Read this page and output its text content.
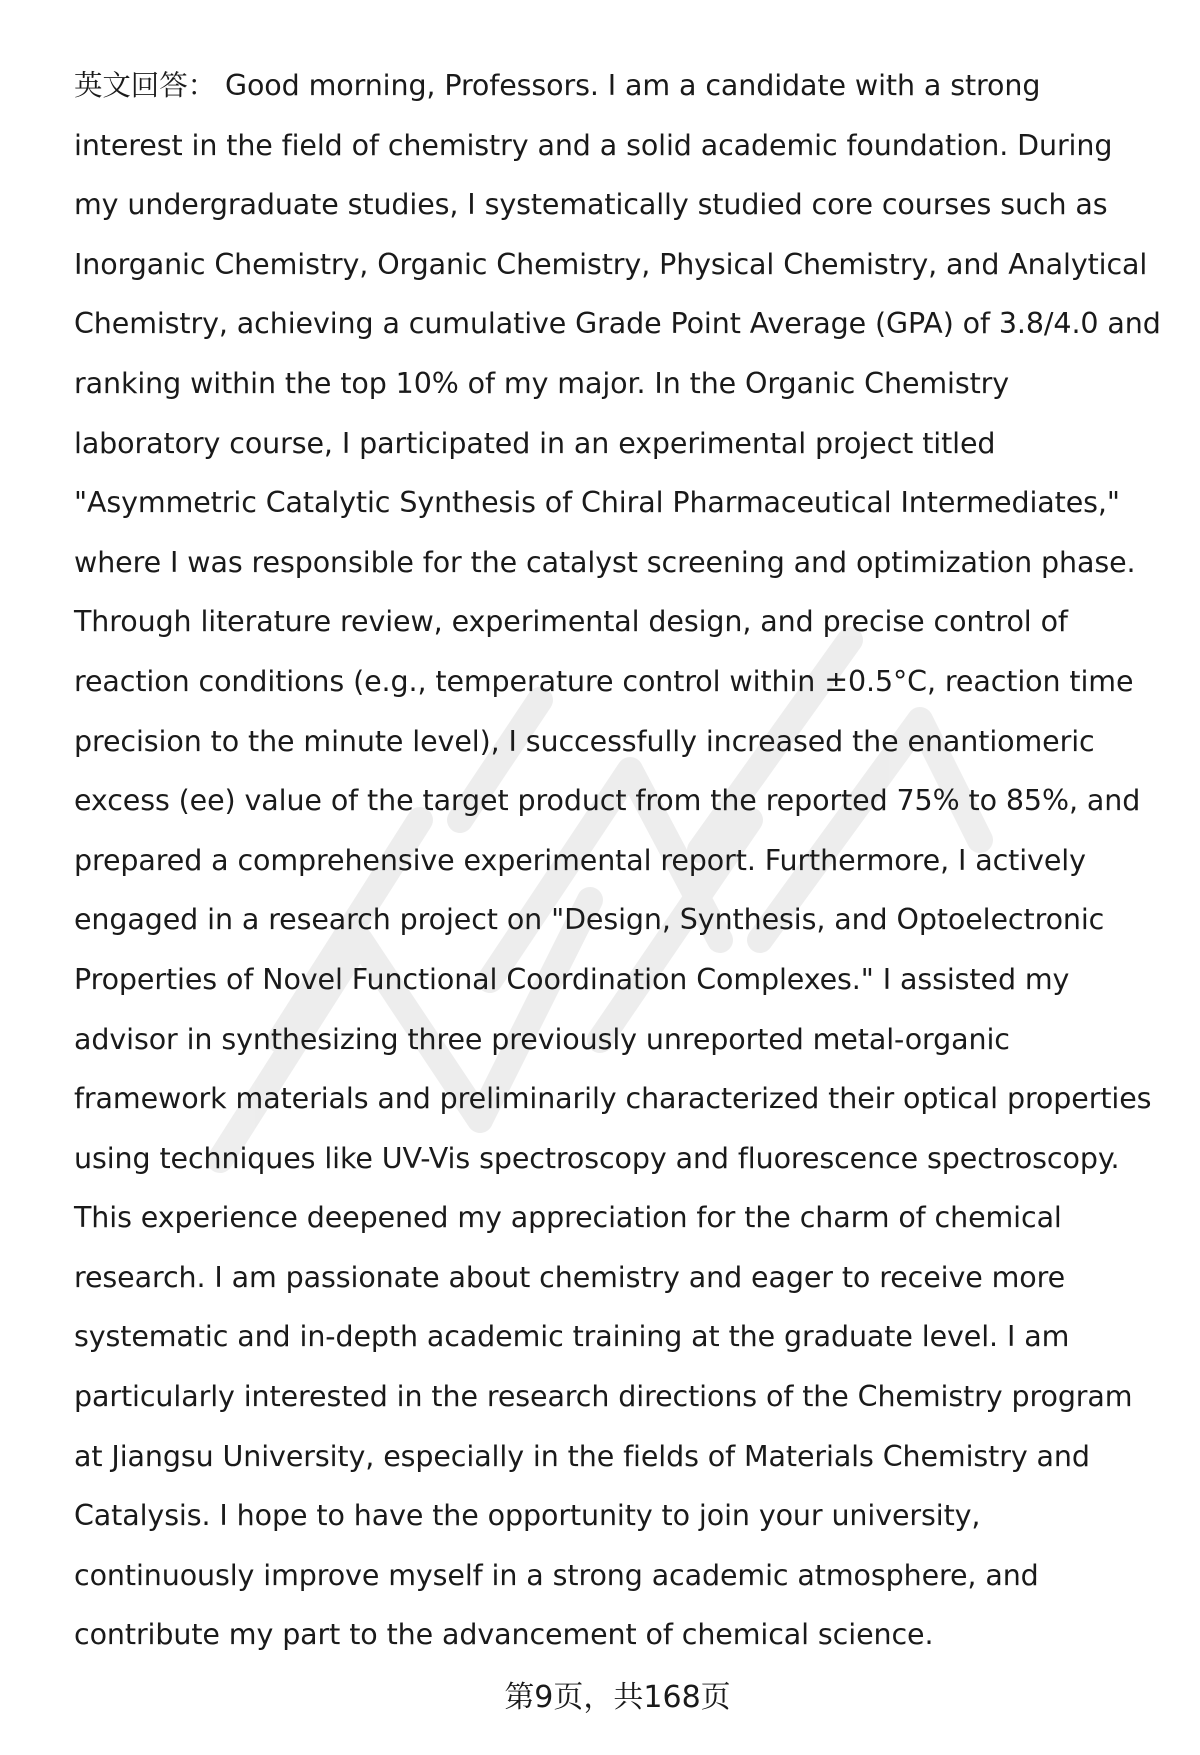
英文回答： Good morning, Professors. I am a candidate with a strong
interest in the field of chemistry and a solid academic foundation. During
my undergraduate studies, I systematically studied core courses such as
Inorganic Chemistry, Organic Chemistry, Physical Chemistry, and Analytical
Chemistry, achieving a cumulative Grade Point Average (GPA) of 3.8/4.0 and
ranking within the top 10% of my major. In the Organic Chemistry
laboratory course, I participated in an experimental project titled
"Asymmetric Catalytic Synthesis of Chiral Pharmaceutical Intermediates,"
where I was responsible for the catalyst screening and optimization phase.
Through literature review, experimental design, and precise control of
reaction conditions (e.g., temperature control within ±0.5°C, reaction time
precision to the minute level), I successfully increased the enantiomeric
excess (ee) value of the target product from the reported 75% to 85%, and
prepared a comprehensive experimental report. Furthermore, I actively
engaged in a research project on "Design, Synthesis, and Optoelectronic
Properties of Novel Functional Coordination Complexes." I assisted my
advisor in synthesizing three previously unreported metal-organic
framework materials and preliminarily characterized their optical properties
using techniques like UV-Vis spectroscopy and fluorescence spectroscopy.
This experience deepened my appreciation for the charm of chemical
research. I am passionate about chemistry and eager to receive more
systematic and in-depth academic training at the graduate level. I am
particularly interested in the research directions of the Chemistry program
at Jiangsu University, especially in the fields of Materials Chemistry and
Catalysis. I hope to have the opportunity to join your university,
continuously improve myself in a strong academic atmosphere, and
contribute my part to the advancement of chemical science.

第9页，共168页
